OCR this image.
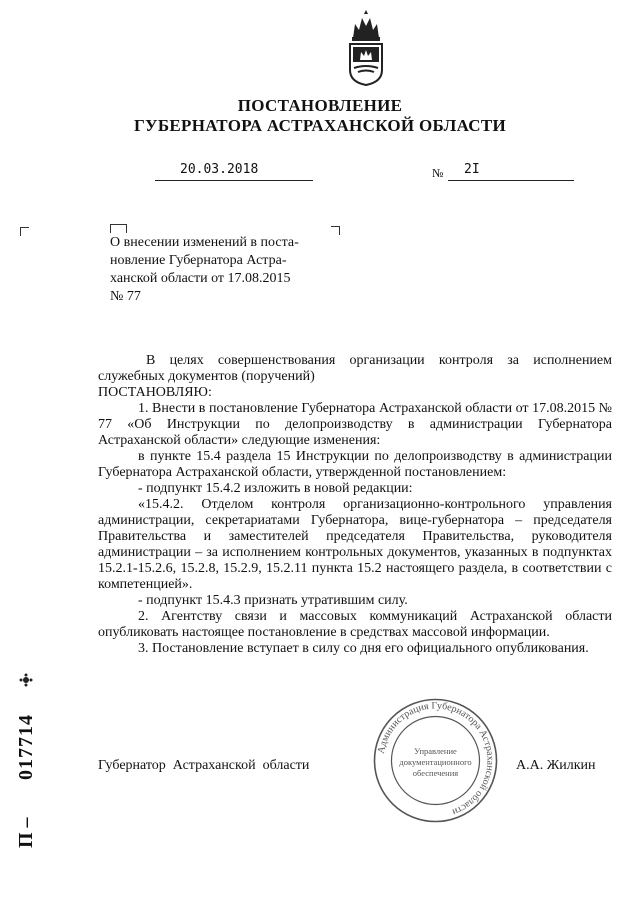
ПОСТАНОВЛЕНИЕ
ГУБЕРНАТОРА АСТРАХАНСКОЙ ОБЛАСТИ
20.03.2018	№ 2I
О внесении изменений в поста-
новление Губернатора Астра-
ханской области от 17.08.2015
№ 77

В целях совершенствования организации контроля за исполнением служебных документов (поручений)

ПОСТАНОВЛЯЮ:

1. Внести в постановление Губернатора Астраханской области от 17.08.2015 № 77 «Об Инструкции по делопроизводству в администрации Губернатора Астраханской области» следующие изменения:

в пункте 15.4 раздела 15 Инструкции по делопроизводству в администрации Губернатора Астраханской области, утвержденной постановлением:

- подпункт 15.4.2 изложить в новой редакции:

«15.4.2. Отделом контроля организационно-контрольного управления администрации, секретариатами Губернатора, вице-губернатора – председателя Правительства и заместителей председателя Правительства, руководителя администрации – за исполнением контрольных документов, указанных в подпунктах 15.2.1-15.2.6, 15.2.8, 15.2.9, 15.2.11 пункта 15.2 настоящего раздела, в соответствии с компетенцией».

- подпункт 15.4.3 признать утратившим силу.

2. Агентству связи и массовых коммуникаций Астраханской области опубликовать настоящее постановление в средствах массовой информации.

3. Постановление вступает в силу со дня его официального опубликования.

Губернатор  Астраханской  области	А.А. Жилкин
Администрация Губернатора Астраханской области
Управление
документационного
обеспечения
П –
017714
